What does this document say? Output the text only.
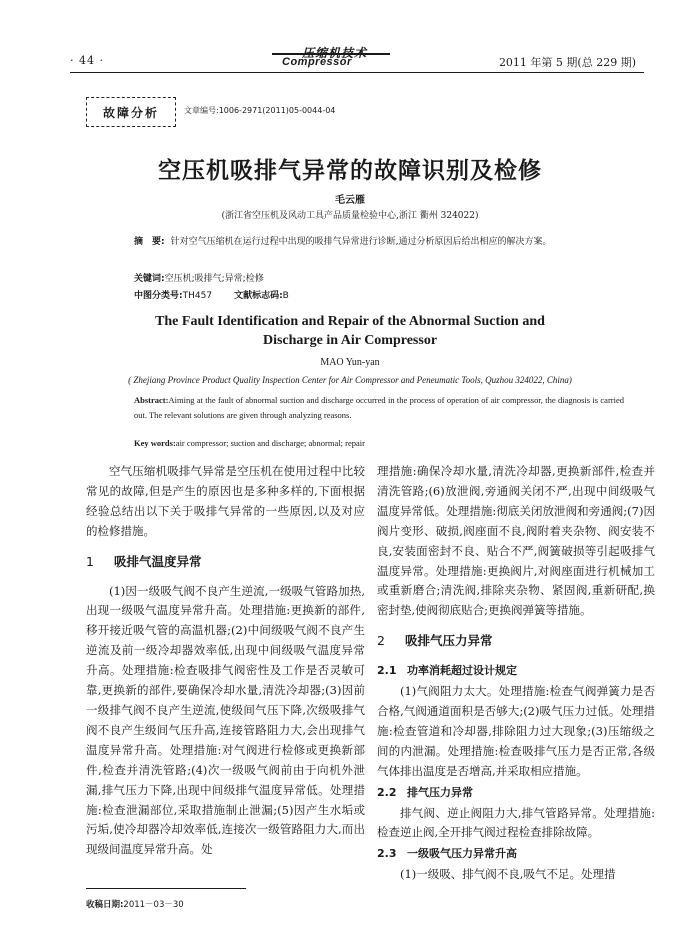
· 44 ·	Compressor	2011 年第 5 期(总 229 期)
故障分析	文章编号:1006-2971(2011)05-0044-04
空压机吸排气异常的故障识别及检修
毛云雁
(浙江省空压机及风动工具产品质量检验中心,浙江 衢州 324022)
摘　要: 针对空气压缩机在运行过程中出现的吸排气异常进行诊断,通过分析原因后给出相应的解决方案。
关键词:空压机;吸排气;异常;检修
中图分类号:TH457 文献标志码:B
The Fault Identification and Repair of the Abnormal Suction and
Discharge in Air Compressor
MAO Yun-yan
( Zhejiang Province Product Quality Inspection Center for Air Compressor and Peneumatic Tools, Quzhou 324022, China)
Abstract:Aiming at the fault of abnormal suction and discharge occurred in the process of operation of air compressor, the diagnosis is carried out. The relevant solutions are given through analyzing reasons.
Key words:air compressor; suction and discharge; abnormal; repair

空气压缩机吸排气异常是空压机在使用过程中比较常见的故障,但是产生的原因也是多种多样的,下面根据经验总结出以下关于吸排气异常的一些原因,以及对应的检修措施。

1 吸排气温度异常

(1)因一级吸气阀不良产生逆流,一级吸气管路加热,出现一级吸气温度异常升高。处理措施:更换新的部件,移开接近吸气管的高温机器;(2)中间级吸气阀不良产生逆流及前一级冷却器效率低,出现中间级吸气温度异常升高。处理措施:检查吸排气阀密性及工作是否灵敏可靠,更换新的部件,要确保冷却水量,清洗冷却器;(3)因前一级排气阀不良产生逆流,使级间气压下降,次级吸排气阀不良产生级间气压升高,连接管路阻力大,会出现排气温度异常升高。处理措施:对气阀进行检修或更换新部件,检查并清洗管路;(4)次一级吸气阀前由于向机外泄漏,排气压力下降,出现中间级排气温度异常低。处理措施:检查泄漏部位,采取措施制止泄漏;(5)因产生水垢或污垢,使冷却器冷却效率低,连接次一级管路阻力大,而出现级间温度异常升高。处

理措施:确保冷却水量,清洗冷却器,更换新部件,检查并清洗管路;(6)放泄阀,旁通阀关闭不严,出现中间级吸气温度异常低。处理措施:彻底关闭放泄阀和旁通阀;(7)因阀片变形、破损,阀座面不良,阀附着夹杂物、阀安装不良,安装面密封不良、贴合不严,阀簧破损等引起吸排气温度异常。处理措施:更换阀片,对阀座面进行机械加工或重新磨合;清洗阀,排除夹杂物、紧固阀,重新研配,换密封垫,使阀彻底贴合;更换阀弹簧等措施。

2 吸排气压力异常
2.1 功率消耗超过设计规定

(1)气阀阻力太大。处理措施:检查气阀弹簧力是否合格,气阀通道面积是否够大;(2)吸气压力过低。处理措施:检查管道和冷却器,排除阻力过大现象;(3)压缩级之间的内泄漏。处理措施:检查吸排气压力是否正常,各级气体排出温度是否增高,并采取相应措施。

2.2 排气压力异常

排气阀、逆止阀阻力大,排气管路异常。处理措施:检查逆止阀,全开排气阀过程检查排除故障。

2.3 一级吸气压力异常升高

(1)一级吸、排气阀不良,吸气不足。处理措

收稿日期:2011－03－30
